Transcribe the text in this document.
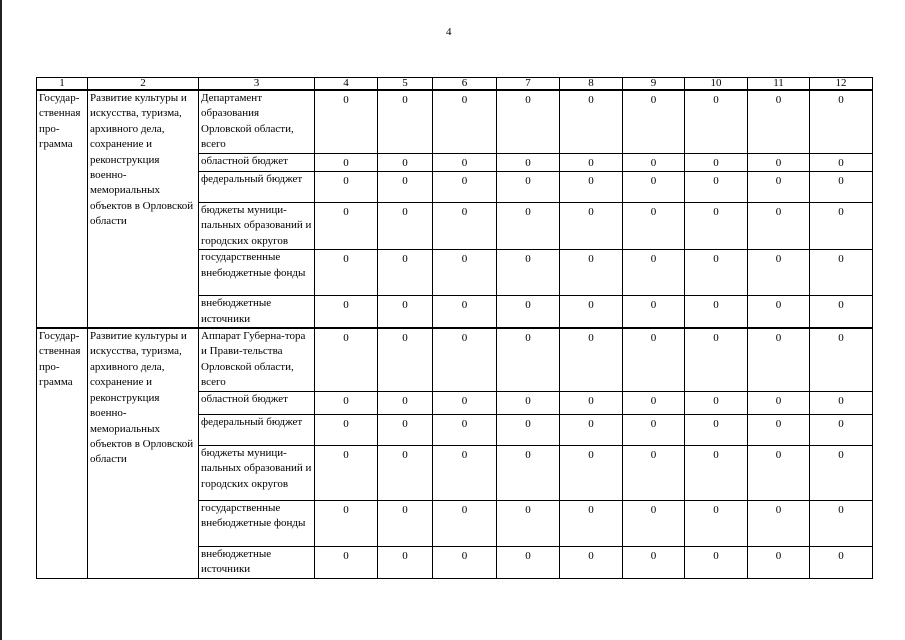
4
1	2	3	4	5	6	7	8	9	10	11	12
Государ-ственная про-грамма	Развитие культуры и искусства, туризма, архивного дела, сохранение и реконструкция военно-мемориальных объектов в Орловской области	Департамент образования Орловской области, всего	0	0	0	0	0	0	0	0	0
		областной бюджет	0	0	0	0	0	0	0	0	0
		федеральный бюджет	0	0	0	0	0	0	0	0	0
		бюджеты муници-пальных образований и городских округов	0	0	0	0	0	0	0	0	0
		государственные внебюджетные фонды	0	0	0	0	0	0	0	0	0
		внебюджетные источники	0	0	0	0	0	0	0	0	0
Государ-ственная про-грамма	Развитие культуры и искусства, туризма, архивного дела, сохранение и реконструкция военно-мемориальных объектов в Орловской области	Аппарат Губерна-тора и Прави-тельства Орловской области, всего	0	0	0	0	0	0	0	0	0
		областной бюджет	0	0	0	0	0	0	0	0	0
		федеральный бюджет	0	0	0	0	0	0	0	0	0
		бюджеты муници-пальных образований и городских округов	0	0	0	0	0	0	0	0	0
		государственные внебюджетные фонды	0	0	0	0	0	0	0	0	0
		внебюджетные источники	0	0	0	0	0	0	0	0	0
